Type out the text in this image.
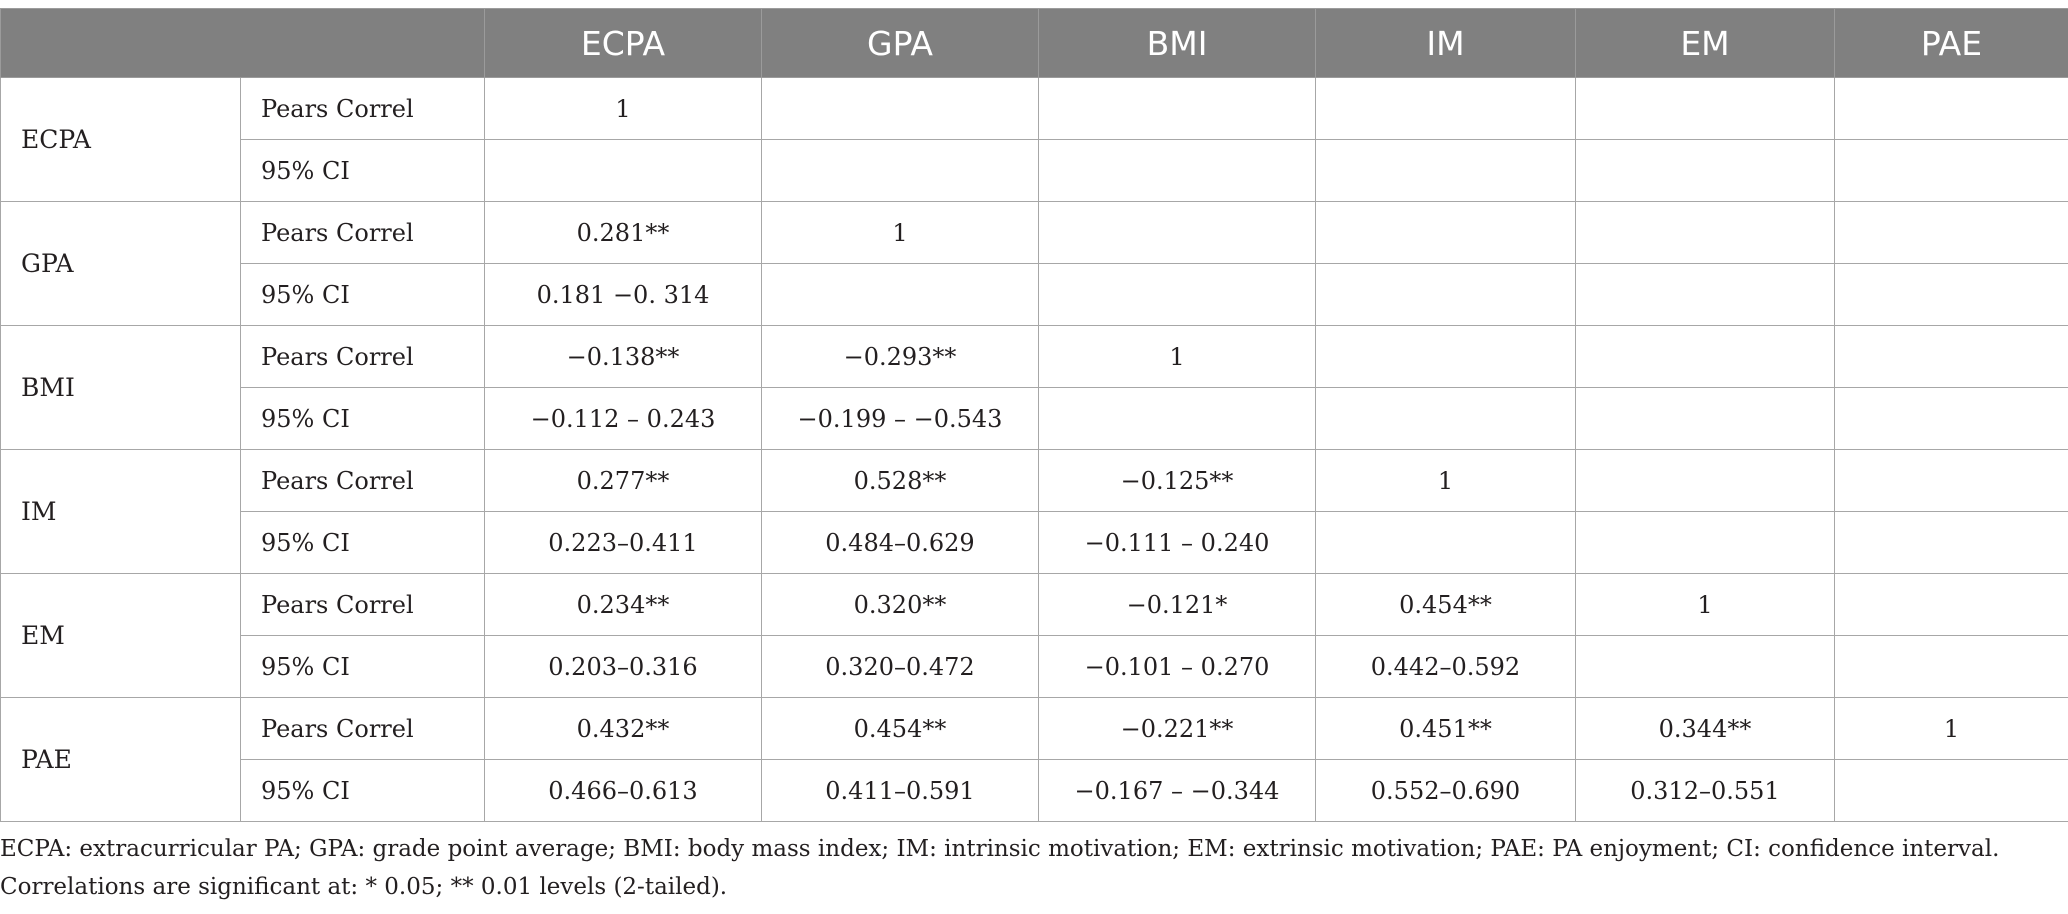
		ECPA	GPA	BMI	IM	EM	PAE
ECPA	Pears Correl	1					
	95% CI						
GPA	Pears Correl	0.281**	1				
	95% CI	0.181 −0. 314					
BMI	Pears Correl	−0.138**	−0.293**	1			
	95% CI	−0.112 – 0.243	−0.199 – −0.543				
IM	Pears Correl	0.277**	0.528**	−0.125**	1		
	95% CI	0.223–0.411	0.484–0.629	−0.111 – 0.240			
EM	Pears Correl	0.234**	0.320**	−0.121*	0.454**	1	
	95% CI	0.203–0.316	0.320–0.472	−0.101 – 0.270	0.442–0.592		
PAE	Pears Correl	0.432**	0.454**	−0.221**	0.451**	0.344**	1
	95% CI	0.466–0.613	0.411–0.591	−0.167 – −0.344	0.552–0.690	0.312–0.551	

ECPA: extracurricular PA; GPA: grade point average; BMI: body mass index; IM: intrinsic motivation; EM: extrinsic motivation; PAE: PA enjoyment; CI: confidence interval.

Correlations are significant at: * 0.05; ** 0.01 levels (2-tailed).
